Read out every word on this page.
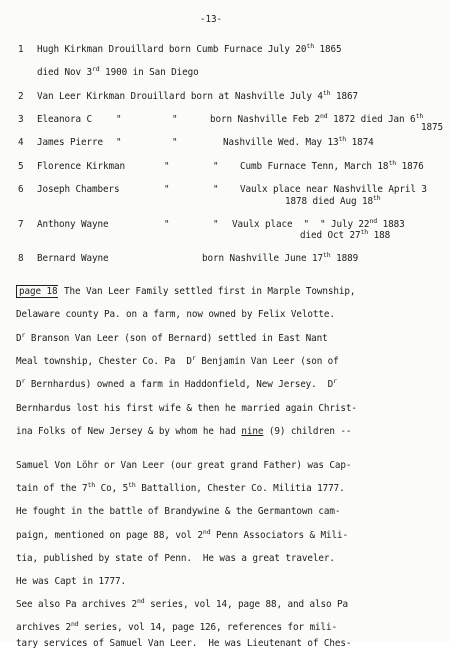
-13-
1 Hugh Kirkman Drouillard born Cumb Furnace July 20th 1865
died Nov 3rd 1900 in San Diego
2 Van Leer Kirkman Drouillard born at Nashville July 4th 1867
3 Eleanora C	"	"	born Nashville Feb 2nd 1872 died Jan 6th
1875
4 James Pierre "	"	Nashville Wed. May 13th 1874
5 Florence Kirkman	"	" Cumb Furnace Tenn, March 18th 1876
6 Joseph Chambers	"	" Vaulx place near Nashville April 3
1878 died Aug 18th
7 Anthony Wayne	"	" Vaulx place  "  " July 22nd 1883
died Oct 27th 188
8 Bernard Wayne	born Nashville June 17th 1889
page 18 The Van Leer Family settled first in Marple Township,
Delaware county Pa. on a farm, now owned by Felix Velotte.
$D^r$ Branson Van Leer (son of Bernard) settled in East Nant
Meal township, Chester Co. Pa  $D^r$ Benjamin Van Leer (son of
$D^r$ Bernhardus) owned a farm in Haddonfield, New Jersey.  $D^r$
Bernhardus lost his first wife & then he married again Christ-
ina Folks of New Jersey & by whom he had nine (9) children --
Samuel Von Löhr or Van Leer (our great grand Father) was Cap-
tain of the 7th Co, 5th Battallion, Chester Co. Militia 1777.
He fought in the battle of Brandywine & the Germantown cam-
paign, mentioned on page 88, vol 2nd Penn Associators & Mili-
tia, published by state of Penn.  He was a great traveler.
He was Capt in 1777.
See also Pa archives 2nd series, vol 14, page 88, and also Pa
archives 2nd series, vol 14, page 126, references for mili-
tary services of Samuel Van Leer.  He was Lieutenant of Ches-
